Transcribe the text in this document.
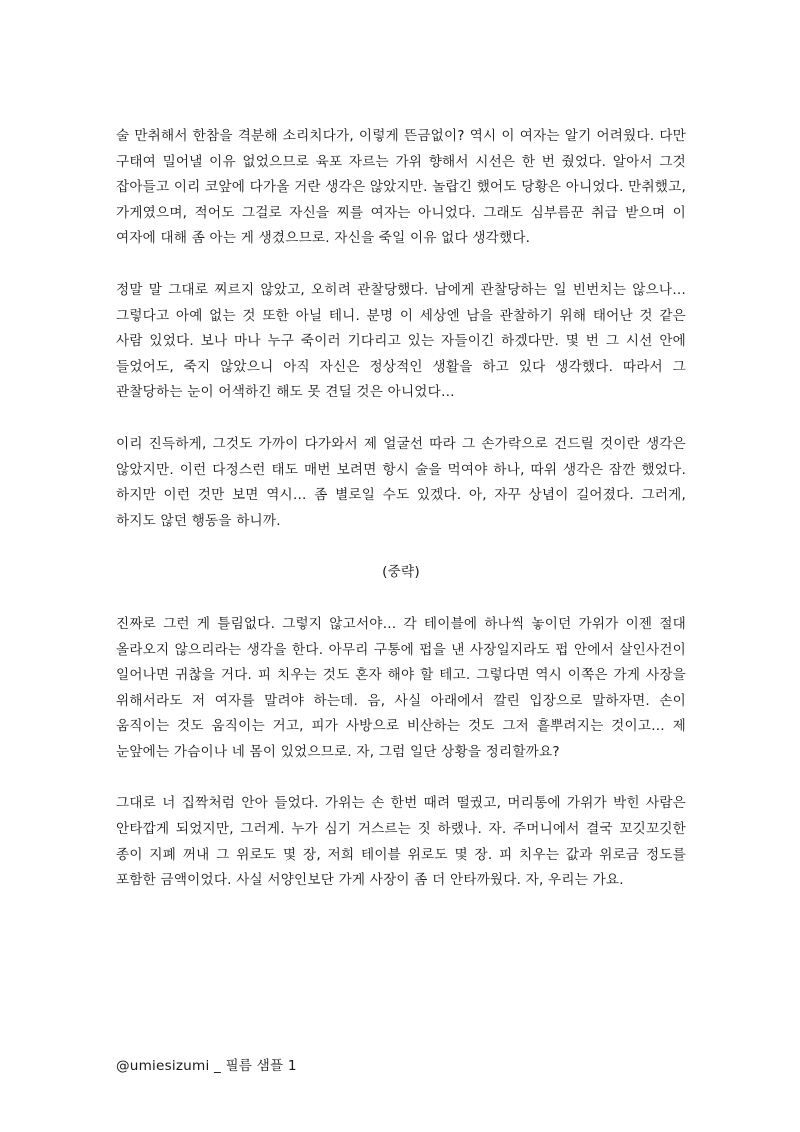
술 만취해서 한참을 격분해 소리치다가, 이렇게 뜬금없이? 역시 이 여자는 알기 어려웠다. 다만 구태여 밀어낼 이유 없었으므로 육포 자르는 가위 향해서 시선은 한 번 줬었다. 알아서 그것 잡아들고 이리 코앞에 다가올 거란 생각은 않았지만. 놀랍긴 했어도 당황은 아니었다. 만취했고, 가게였으며, 적어도 그걸로 자신을 찌를 여자는 아니었다. 그래도 심부름꾼 취급 받으며 이 여자에 대해 좀 아는 게 생겼으므로. 자신을 죽일 이유 없다 생각했다.

정말 말 그대로 찌르지 않았고, 오히려 관찰당했다. 남에게 관찰당하는 일 빈번치는 않으나… 그렇다고 아예 없는 것 또한 아닐 테니. 분명 이 세상엔 남을 관찰하기 위해 태어난 것 같은 사람 있었다. 보나 마나 누구 죽이러 기다리고 있는 자들이긴 하겠다만. 몇 번 그 시선 안에 들었어도, 죽지 않았으니 아직 자신은 정상적인 생활을 하고 있다 생각했다. 따라서 그 관찰당하는 눈이 어색하긴 해도 못 견딜 것은 아니었다…

이리 진득하게, 그것도 가까이 다가와서 제 얼굴선 따라 그 손가락으로 건드릴 것이란 생각은 않았지만. 이런 다정스런 태도 매번 보려면 항시 술을 먹여야 하나, 따위 생각은 잠깐 했었다. 하지만 이런 것만 보면 역시… 좀 별로일 수도 있겠다. 아, 자꾸 상념이 길어졌다. 그러게, 하지도 않던 행동을 하니까.

(중략)

진짜로 그런 게 틀림없다. 그렇지 않고서야… 각 테이블에 하나씩 놓이던 가위가 이젠 절대 올라오지 않으리라는 생각을 한다. 아무리 구통에 펍을 낸 사장일지라도 펍 안에서 살인사건이 일어나면 귀찮을 거다. 피 치우는 것도 혼자 해야 할 테고. 그렇다면 역시 이쪽은 가게 사장을 위해서라도 저 여자를 말려야 하는데. 음, 사실 아래에서 깔린 입장으로 말하자면. 손이 움직이는 것도 움직이는 거고, 피가 사방으로 비산하는 것도 그저 흩뿌려지는 것이고… 제 눈앞에는 가슴이나 네 몸이 있었으므로. 자, 그럼 일단 상황을 정리할까요?

그대로 너 집짝처럼 안아 들었다. 가위는 손 한번 때려 떨궜고, 머리통에 가위가 박힌 사람은 안타깝게 되었지만, 그러게. 누가 심기 거스르는 짓 하랬나. 자. 주머니에서 결국 꼬깃꼬깃한 종이 지폐 꺼내 그 위로도 몇 장, 저희 테이블 위로도 몇 장. 피 치우는 값과 위로금 정도를 포함한 금액이었다. 사실 서양인보단 가게 사장이 좀 더 안타까웠다. 자, 우리는 가요.

@umiesizumi _ 필름 샘플 1
